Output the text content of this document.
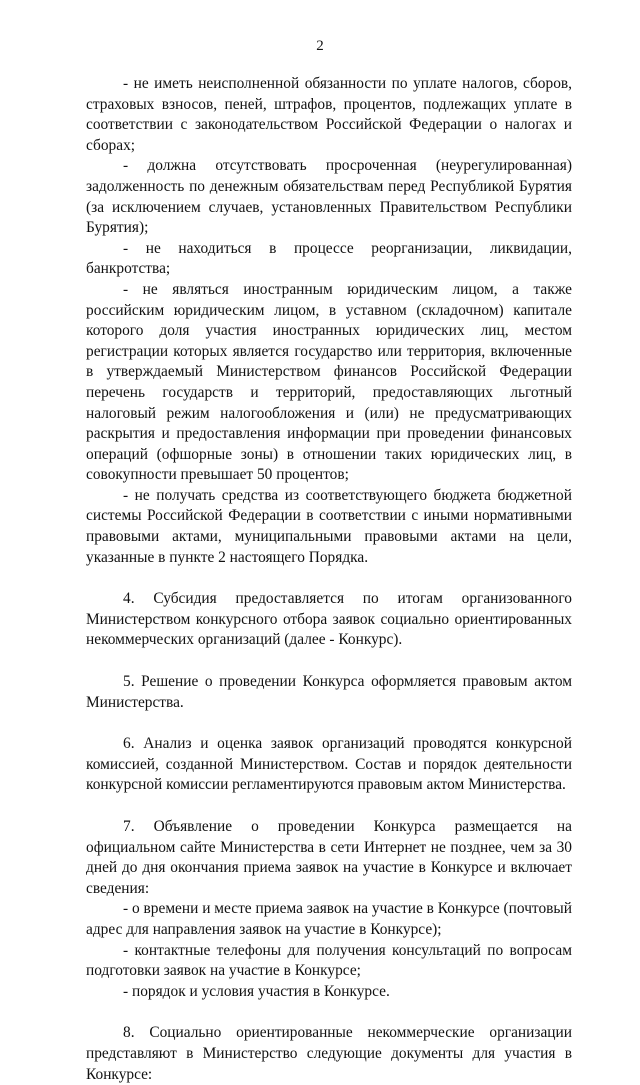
2

- не иметь неисполненной обязанности по уплате налогов, сборов, страховых взносов, пеней, штрафов, процентов, подлежащих уплате в соответствии с законодательством Российской Федерации о налогах и сборах;

- должна отсутствовать просроченная (неурегулированная) задолженность по денежным обязательствам перед Республикой Бурятия (за исключением случаев, установленных Правительством Республики Бурятия);

- не находиться в процессе реорганизации, ликвидации, банкротства;

- не являться иностранным юридическим лицом, а также российским юридическим лицом, в уставном (складочном) капитале которого доля участия иностранных юридических лиц, местом регистрации которых является государство или территория, включенные в утверждаемый Министерством финансов Российской Федерации перечень государств и территорий, предоставляющих льготный налоговый режим налогообложения и (или) не предусматривающих раскрытия и предоставления информации при проведении финансовых операций (офшорные зоны) в отношении таких юридических лиц, в совокупности превышает 50 процентов;

- не получать средства из соответствующего бюджета бюджетной системы Российской Федерации в соответствии с иными нормативными правовыми актами, муниципальными правовыми актами на цели, указанные в пункте 2 настоящего Порядка.

4. Субсидия предоставляется по итогам организованного Министерством конкурсного отбора заявок социально ориентированных некоммерческих организаций (далее - Конкурс).

5. Решение о проведении Конкурса оформляется правовым актом Министерства.

6. Анализ и оценка заявок организаций проводятся конкурсной комиссией, созданной Министерством. Состав и порядок деятельности конкурсной комиссии регламентируются правовым актом Министерства.

7. Объявление о проведении Конкурса размещается на официальном сайте Министерства в сети Интернет не позднее, чем за 30 дней до дня окончания приема заявок на участие в Конкурсе и включает сведения:

- о времени и месте приема заявок на участие в Конкурсе (почтовый адрес для направления заявок на участие в Конкурсе);

- контактные телефоны для получения консультаций по вопросам подготовки заявок на участие в Конкурсе;

- порядок и условия участия в Конкурсе.

8. Социально ориентированные некоммерческие организации представляют в Министерство следующие документы для участия в Конкурсе:
